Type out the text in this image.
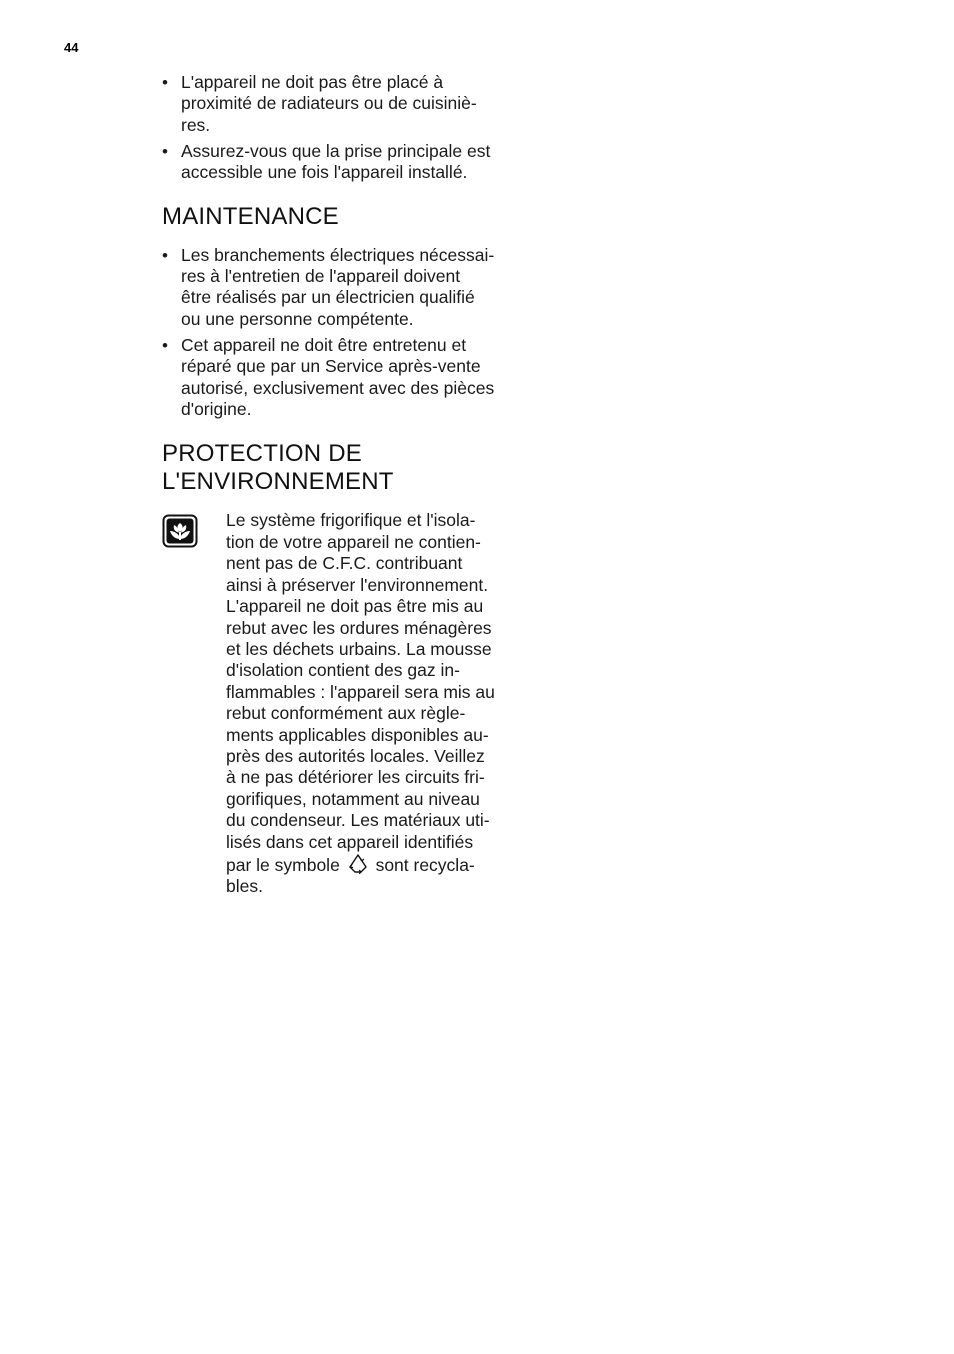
44
• L'appareil ne doit pas être placé à
proximité de radiateurs ou de cuisiniè-
res.
• Assurez-vous que la prise principale est
accessible une fois l'appareil installé.
MAINTENANCE
• Les branchements électriques nécessai-
res à l'entretien de l'appareil doivent
être réalisés par un électricien qualifié
ou une personne compétente.
• Cet appareil ne doit être entretenu et
réparé que par un Service après-vente
autorisé, exclusivement avec des pièces
d'origine.
PROTECTION DE
L'ENVIRONNEMENT
Le système frigorifique et l'isola-
tion de votre appareil ne contien-
nent pas de C.F.C. contribuant
ainsi à préserver l'environnement.
L'appareil ne doit pas être mis au
rebut avec les ordures ménagères
et les déchets urbains. La mousse
d'isolation contient des gaz in-
flammables : l'appareil sera mis au
rebut conformément aux règle-
ments applicables disponibles au-
près des autorités locales. Veillez
à ne pas détériorer les circuits fri-
gorifiques, notamment au niveau
du condenseur. Les matériaux uti-
lisés dans cet appareil identifiés
par le symbole sont recycla-
bles.
